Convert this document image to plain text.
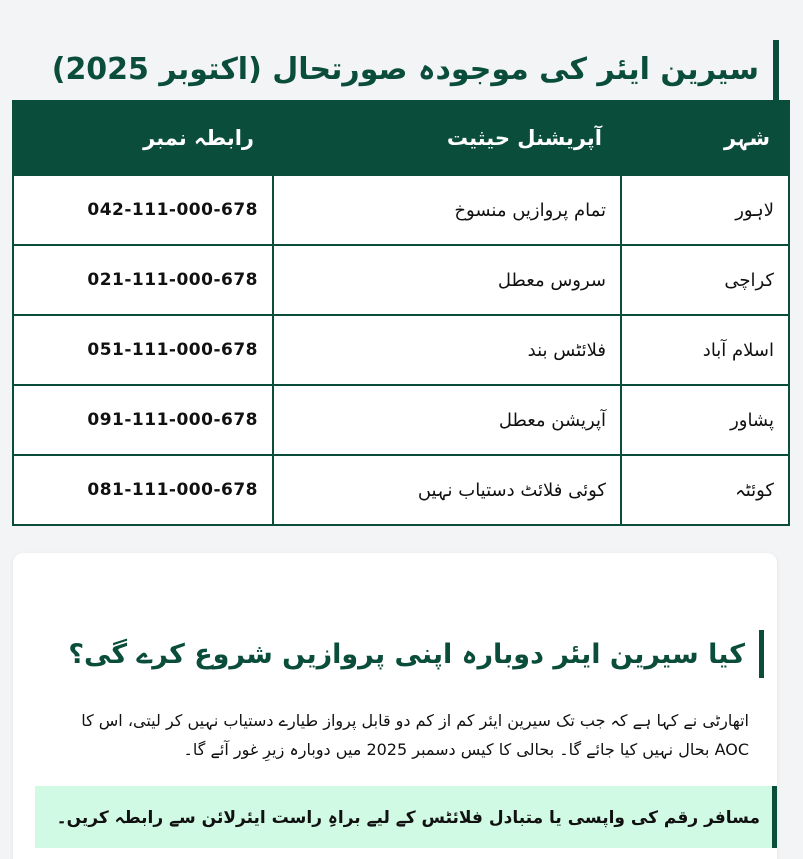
سیرین ایئر کی موجودہ صورتحال (اکتوبر 2025)
شہر	آپریشنل حیثیت	رابطہ نمبر
لاہور	تمام پروازیں منسوخ	042-111-000-678
کراچی	سروس معطل	021-111-000-678
اسلام آباد	فلائٹس بند	051-111-000-678
پشاور	آپریشن معطل	091-111-000-678
کوئٹہ	کوئی فلائٹ دستیاب نہیں	081-111-000-678
کیا سیرین ایئر دوبارہ اپنی پروازیں شروع کرے گی؟

اتھارٹی نے کہا ہے کہ جب تک سیرین ایئر کم از کم دو قابل پرواز طیارے دستیاب نہیں کر لیتی، اس کا AOC بحال نہیں کیا جائے گا۔ بحالی کا کیس دسمبر 2025 میں دوبارہ زیرِ غور آئے گا۔

مسافر رقم کی واپسی یا متبادل فلائٹس کے لیے براہِ راست ایئرلائن سے رابطہ کریں۔
